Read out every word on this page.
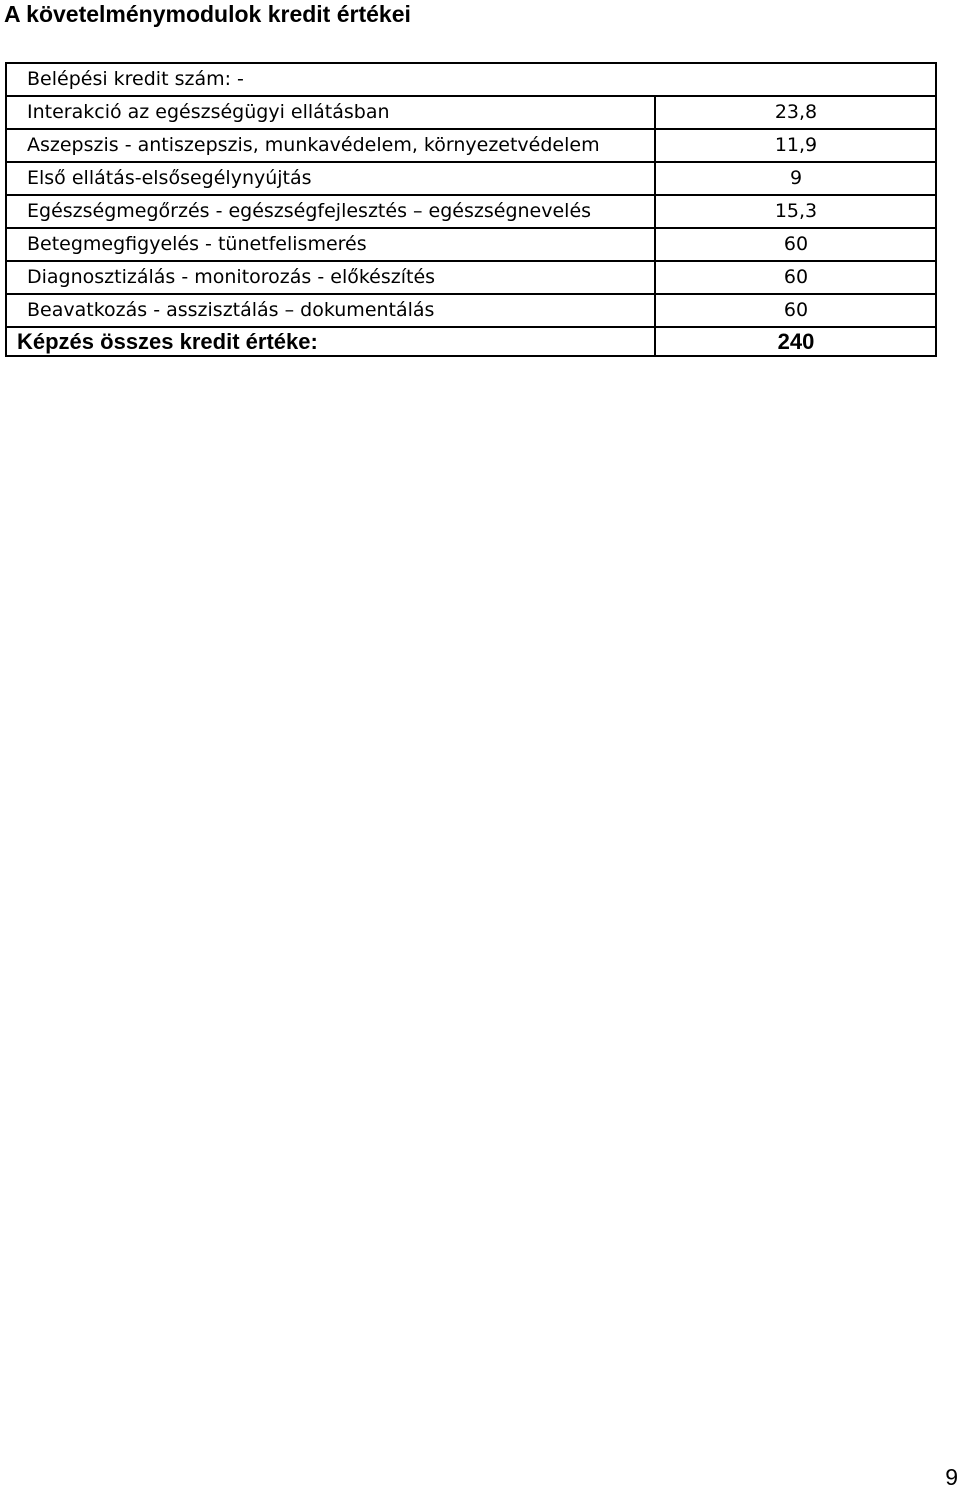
A követelménymodulok kredit értékei
Belépési kredit szám: -	
Interakció az egészségügyi ellátásban	23,8
Aszepszis - antiszepszis, munkavédelem, környezetvédelem	11,9
Első ellátás-elsősegélynyújtás	9
Egészségmegőrzés - egészségfejlesztés – egészségnevelés	15,3
Betegmegfigyelés - tünetfelismerés	60
Diagnosztizálás - monitorozás - előkészítés	60
Beavatkozás - asszisztálás – dokumentálás	60
Képzés összes kredit értéke:	240
9
